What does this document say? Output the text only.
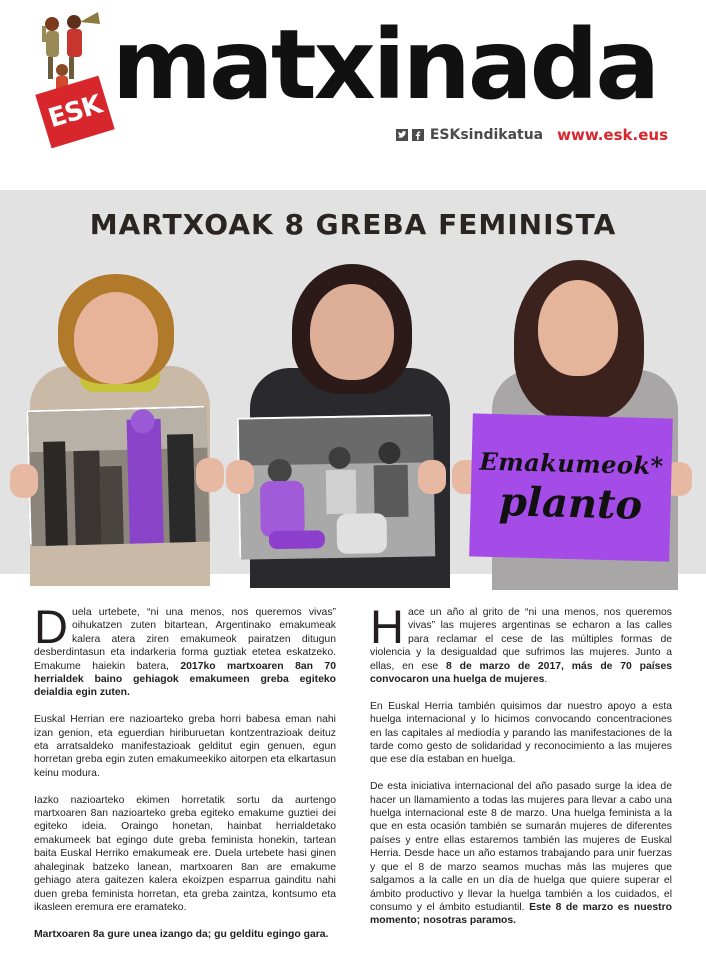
ESK matxinada
ESKsindikatua www.esk.eus
MARTXOAK 8 GREBA FEMINISTA
Emakumeok*
planto

Duela urtebete, “ni una menos, nos queremos vivas” oihukatzen zuten bitartean, Argentinako emakumeak kalera atera ziren emakumeok pairatzen ditugun desberdintasun eta indarkeria forma guztiak etetea eskatzeko. Emakume haiekin batera, 2017ko martxoaren 8an 70 herrialdek baino gehiagok emakumeen greba egiteko deialdia egin zuten.

Euskal Herrian ere nazioarteko greba horri babesa eman nahi izan genion, eta eguerdian hiriburuetan kontzentrazioak deituz eta arratsaldeko manifestazioak gelditut egin genuen, egun horretan greba egin zuten emakumeekiko aitorpen eta elkartasun keinu modura.

Iazko nazioarteko ekimen horretatik sortu da aurtengo martxoaren 8an nazioarteko greba egiteko emakume guztiei dei egiteko ideia. Oraingo honetan, hainbat herrialdetako emakumeek bat egingo dute greba feminista honekin, tartean baita Euskal Herriko emakumeak ere. Duela urtebete hasi ginen ahaleginak batzeko lanean, martxoaren 8an are emakume gehiago atera gaitezen kalera ekoizpen esparrua gainditu nahi duen greba feminista horretan, eta greba zaintza, kontsumo eta ikasleen eremura ere eramateko.

Martxoaren 8a gure unea izango da; gu gelditu egingo gara.

Hace un año al grito de “ni una menos, nos queremos vivas” las mujeres argentinas se echaron a las calles para reclamar el cese de las múltiples formas de violencia y la desigualdad que sufrimos las mujeres. Junto a ellas, en ese 8 de marzo de 2017, más de 70 países convocaron una huelga de mujeres.

En Euskal Herria también quisimos dar nuestro apoyo a esta huelga internacional y lo hicimos convocando concentraciones en las capitales al mediodía y parando las manifestaciones de la tarde como gesto de solidaridad y reconocimiento a las mujeres que ese día estaban en huelga.

De esta iniciativa internacional del año pasado surge la idea de hacer un llamamiento a todas las mujeres para llevar a cabo una huelga internacional este 8 de marzo. Una huelga feminista a la que en esta ocasión también se sumarán mujeres de diferentes países y entre ellas estaremos también las mujeres de Euskal Herria. Desde hace un año estamos trabajando para unir fuerzas y que el 8 de marzo seamos muchas más las mujeres que salgamos a la calle en un día de huelga que quiere superar el ámbito productivo y llevar la huelga también a los cuidados, el consumo y el ámbito estudiantil. Este 8 de marzo es nuestro momento; nosotras paramos.
